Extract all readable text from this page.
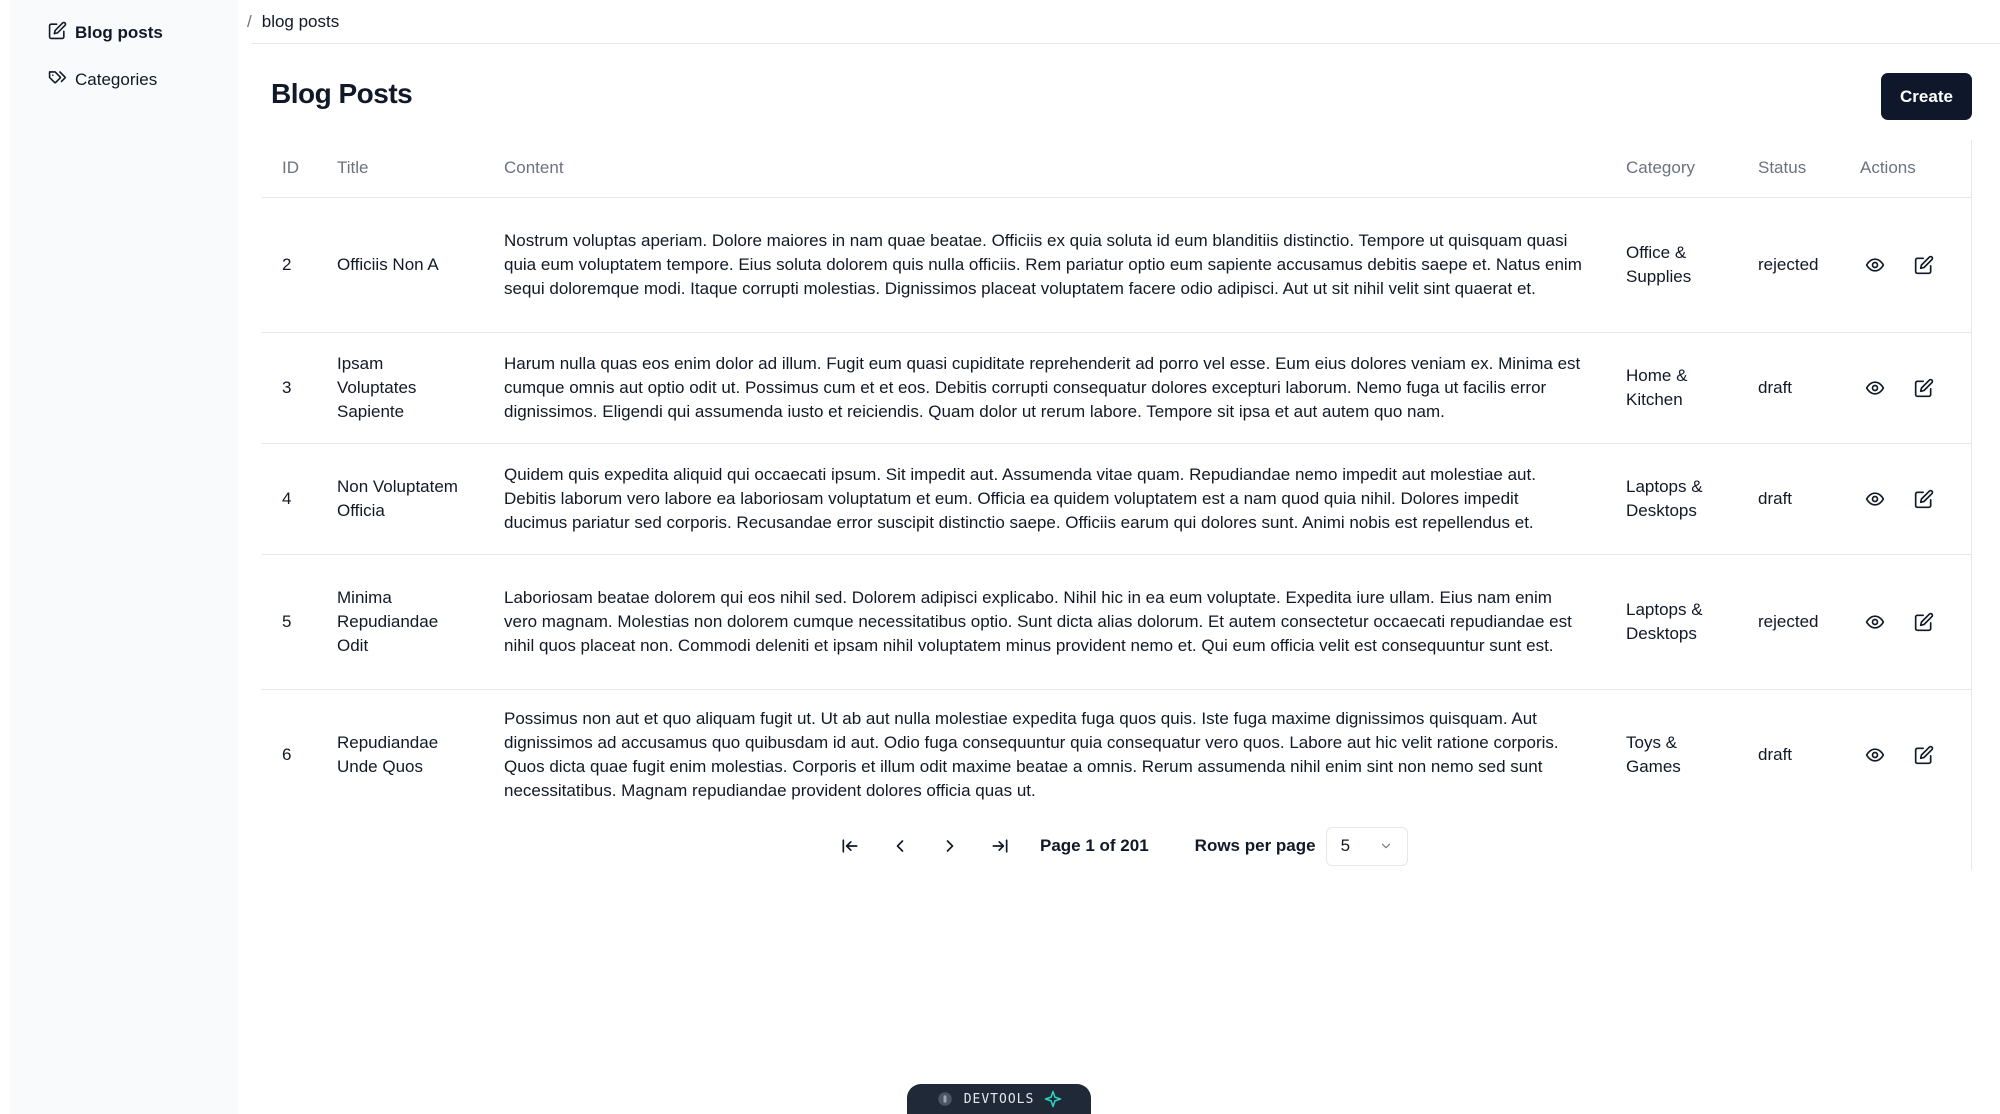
Blog posts
Categories
/ blog posts
Blog Posts	Create
ID	Title	Content	Category	Status	Actions
2	Officiis Non A	Nostrum voluptas aperiam. Dolore maiores in nam quae beatae. Officiis ex quia soluta id eum blanditiis distinctio. Tempore ut quisquam quasi quia eum voluptatem tempore. Eius soluta dolorem quis nulla officiis. Rem pariatur optio eum sapiente accusamus debitis saepe et. Natus enim sequi doloremque modi. Itaque corrupti molestias. Dignissimos placeat voluptatem facere odio adipisci. Aut ut sit nihil velit sint quaerat et.	Office & Supplies	rejected	

3	Ipsam Voluptates Sapiente	Harum nulla quas eos enim dolor ad illum. Fugit eum quasi cupiditate reprehenderit ad porro vel esse. Eum eius dolores veniam ex. Minima est cumque omnis aut optio odit ut. Possimus cum et et eos. Debitis corrupti consequatur dolores excepturi laborum. Nemo fuga ut facilis error dignissimos. Eligendi qui assumenda iusto et reiciendis. Quam dolor ut rerum labore. Tempore sit ipsa et aut autem quo nam.	Home & Kitchen	draft	

4	Non Voluptatem Officia	Quidem quis expedita aliquid qui occaecati ipsum. Sit impedit aut. Assumenda vitae quam. Repudiandae nemo impedit aut molestiae aut. Debitis laborum vero labore ea laboriosam voluptatum et eum. Officia ea quidem voluptatem est a nam quod quia nihil. Dolores impedit ducimus pariatur sed corporis. Recusandae error suscipit distinctio saepe. Officiis earum qui dolores sunt. Animi nobis est repellendus et.	Laptops & Desktops	draft	

5	Minima Repudiandae Odit	Laboriosam beatae dolorem qui eos nihil sed. Dolorem adipisci explicabo. Nihil hic in ea eum voluptate. Expedita iure ullam. Eius nam enim vero magnam. Molestias non dolorem cumque necessitatibus optio. Sunt dicta alias dolorum. Et autem consectetur occaecati repudiandae est nihil quos placeat non. Commodi deleniti et ipsam nihil voluptatem minus provident nemo et. Qui eum officia velit est consequuntur sunt est.	Laptops & Desktops	rejected	

6	Repudiandae Unde Quos	Possimus non aut et quo aliquam fugit ut. Ut ab aut nulla molestiae expedita fuga quos quis. Iste fuga maxime dignissimos quisquam. Aut dignissimos ad accusamus quo quibusdam id aut. Odio fuga consequuntur quia consequatur vero quos. Labore aut hic velit ratione corporis. Quos dicta quae fugit enim molestias. Corporis et illum odit maxime beatae a omnis. Rerum assumenda nihil enim sint non nemo sed sunt necessitatibus. Magnam repudiandae provident dolores officia quas ut.	Toys & Games	draft	

Page 1 of 201	Rows per page 5
DEVTOOLS
